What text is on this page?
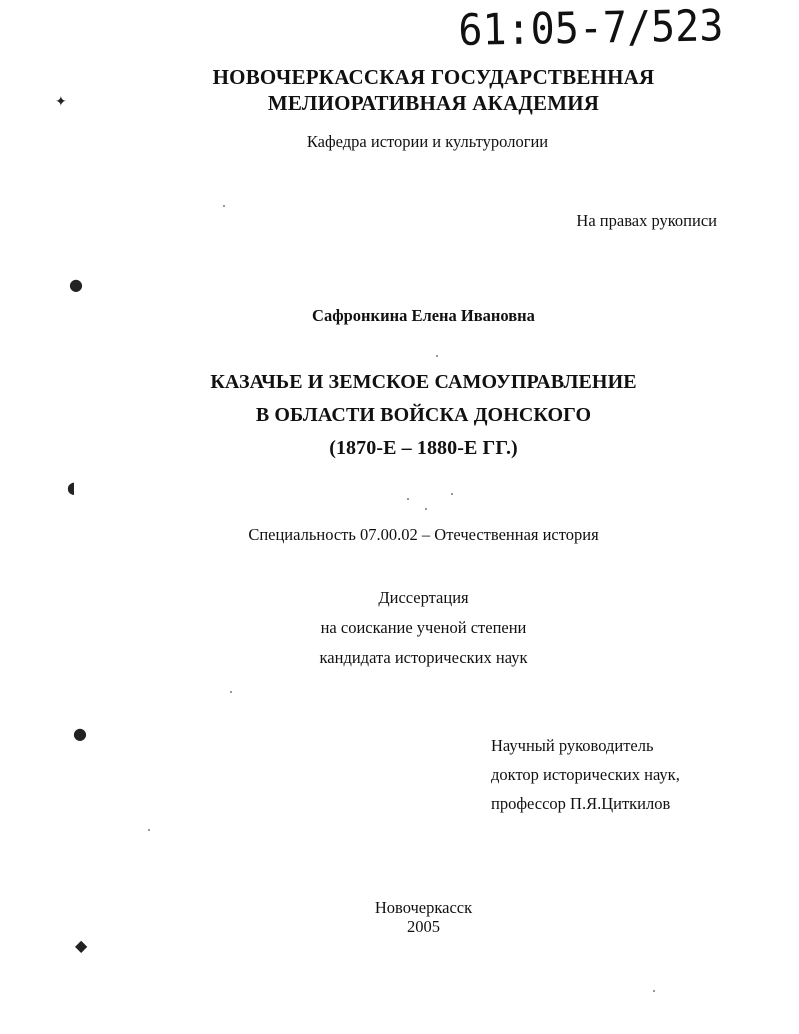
61:05-7/523
НОВОЧЕРКАССКАЯ ГОСУДАРСТВЕННАЯ
МЕЛИОРАТИВНАЯ АКАДЕМИЯ
Кафедра истории и культурологии
На правах рукописи
Сафронкина Елена Ивановна
КАЗАЧЬЕ И ЗЕМСКОЕ САМОУПРАВЛЕНИЕ
В ОБЛАСТИ ВОЙСКА ДОНСКОГО
(1870-Е – 1880-Е ГГ.)
Специальность 07.00.02 – Отечественная история
Диссертация
на соискание ученой степени
кандидата исторических наук
Научный руководитель
доктор исторических наук,
профессор П.Я.Циткилов
Новочеркасск
2005
✦
●
◖
●
◆
